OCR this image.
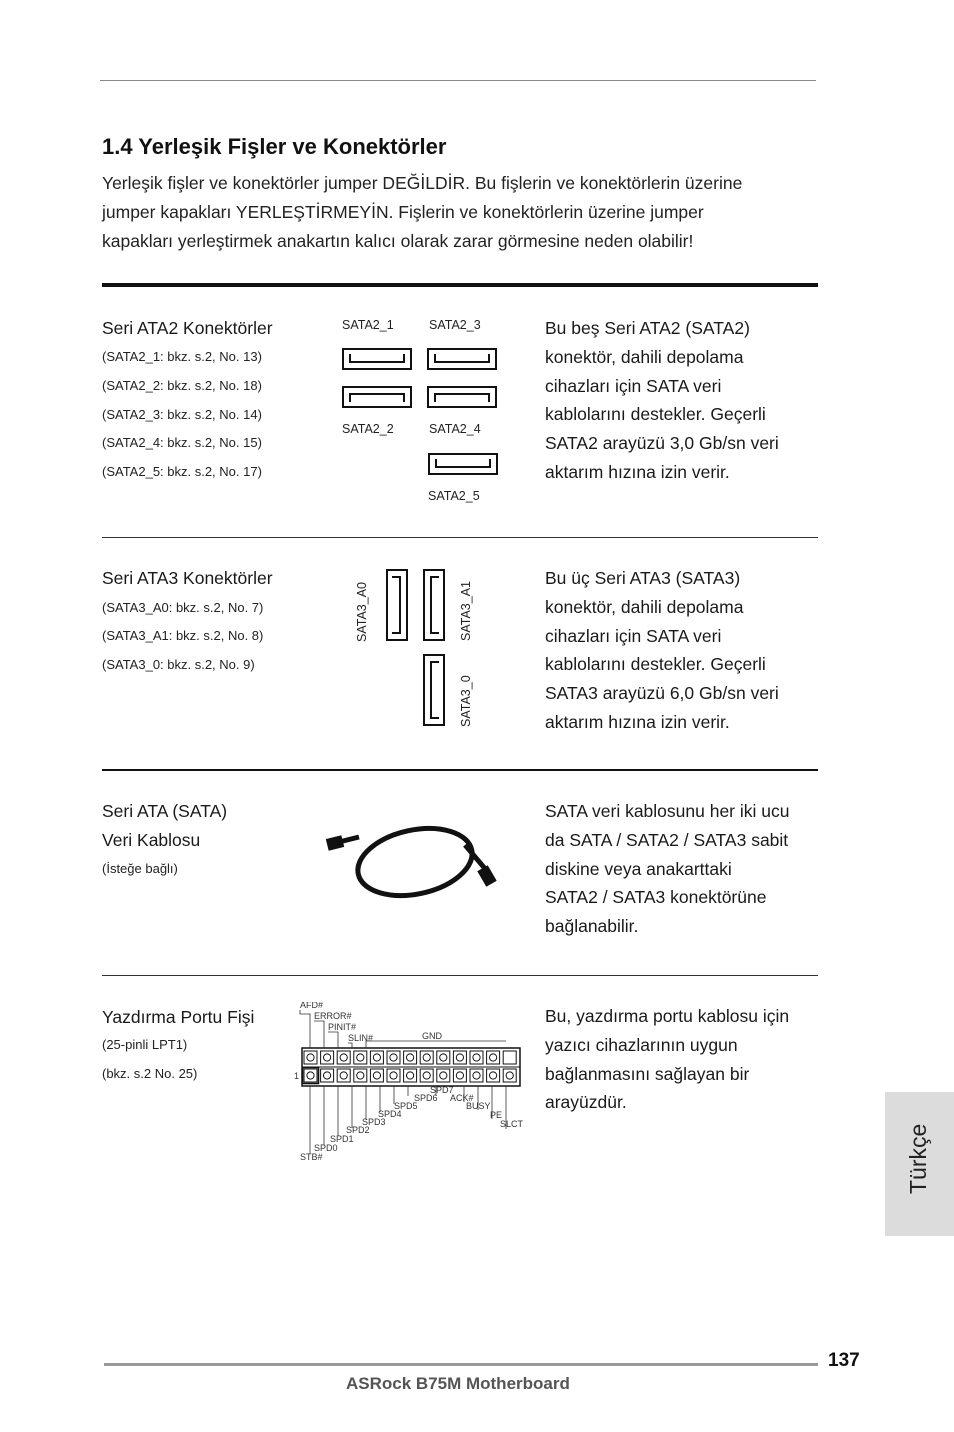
1.4 Yerleşik Fişler ve Konektörler
Yerleşik fişler ve konektörler jumper DEĞİLDİR. Bu fişlerin ve konektörlerin üzerine
jumper kapakları YERLEŞTİRMEYİN. Fişlerin ve konektörlerin üzerine jumper
kapakları yerleştirmek anakartın kalıcı olarak zarar görmesine neden olabilir!
Seri ATA2 Konektörler
(SATA2_1: bkz. s.2, No. 13)
(SATA2_2: bkz. s.2, No. 18)
(SATA2_3: bkz. s.2, No. 14)
(SATA2_4: bkz. s.2, No. 15)
(SATA2_5: bkz. s.2, No. 17)
SATA2_1	SATA2_3
SATA2_2	SATA2_4
SATA2_5
Bu beş Seri ATA2 (SATA2)
konektör, dahili depolama
cihazları için SATA veri
kablolarını destekler. Geçerli
SATA2 arayüzü 3,0 Gb/sn veri
aktarım hızına izin verir.
Seri ATA3 Konektörler
(SATA3_A0: bkz. s.2, No. 7)
(SATA3_A1: bkz. s.2, No. 8)
(SATA3_0: bkz. s.2, No. 9)
SATA3_A0	SATA3_A1
SATA3_0
Bu üç Seri ATA3 (SATA3)
konektör, dahili depolama
cihazları için SATA veri
kablolarını destekler. Geçerli
SATA3 arayüzü 6,0 Gb/sn veri
aktarım hızına izin verir.
Seri ATA (SATA)
Veri Kablosu
(İsteğe bağlı)
SATA veri kablosunu her iki ucu
da SATA / SATA2 / SATA3 sabit
diskine veya anakarttaki
SATA2 / SATA3 konektörüne
bağlanabilir.
Yazdırma Portu Fişi
(25-pinli LPT1)
(bkz. s.2 No. 25)
AFD#
ERROR#
PINIT#
SLIN#	GND
1
SPD7
SPD6 ACK#
SPD5	BUSY
SPD4	PE
SPD3	SLCT
SPD2
SPD1
SPD0
STB#
Bu, yazdırma portu kablosu için
yazıcı cihazlarının uygun
bağlanmasını sağlayan bir
arayüzdür.
Türkçe
137
ASRock B75M Motherboard
